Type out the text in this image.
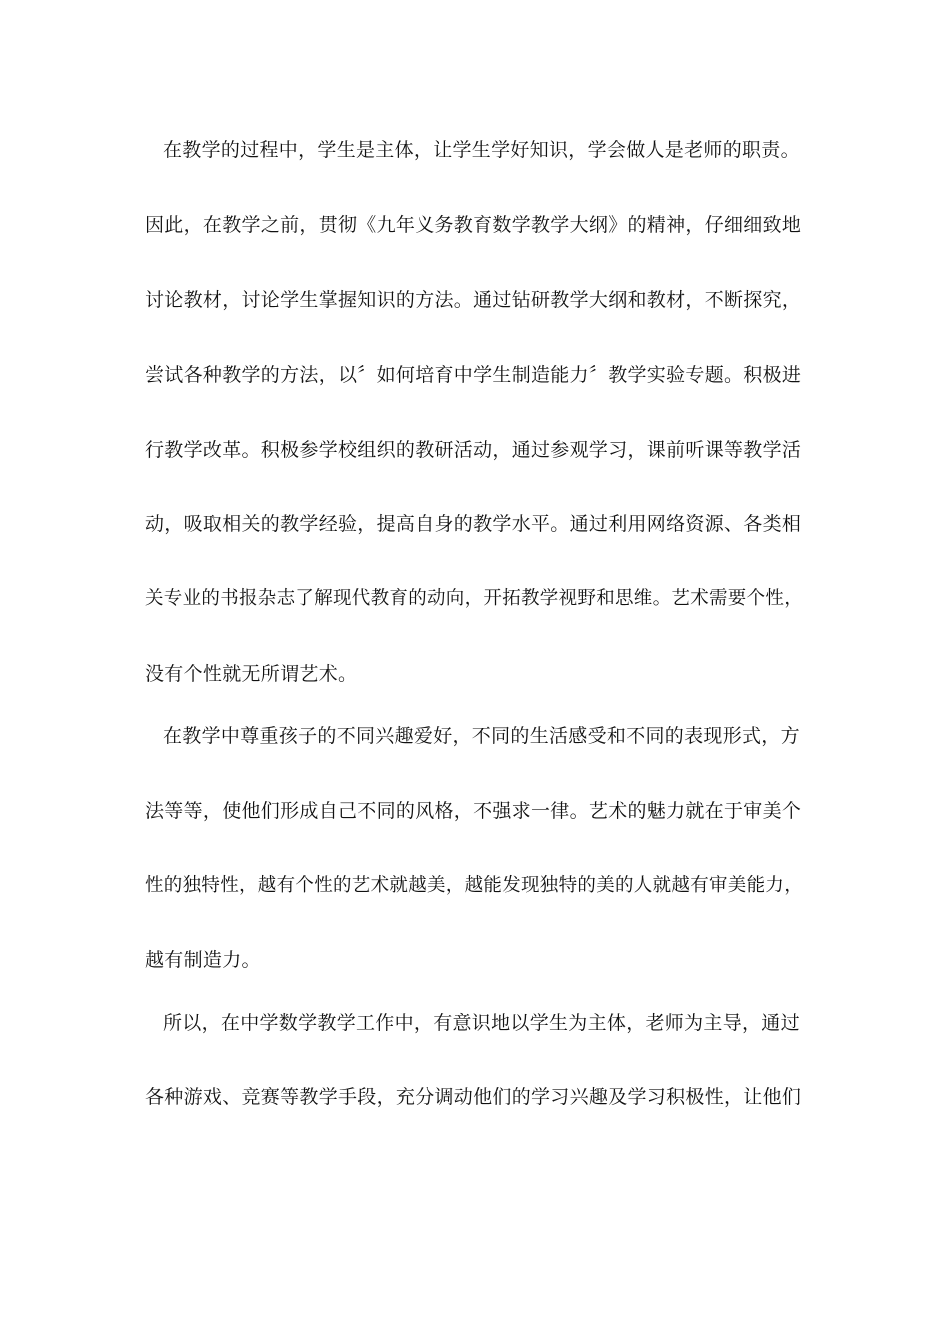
在教学的过程中，学生是主体，让学生学好知识，学会做人是老师的职责。
因此，在教学之前，贯彻《九年义务教育数学教学大纲》的精神，仔细细致地
讨论教材，讨论学生掌握知识的方法。通过钻研教学大纲和教材，不断探究，
尝试各种教学的方法，以〞如何培育中学生制造能力〞教学实验专题。积极进
行教学改革。积极参学校组织的教研活动，通过参观学习，课前听课等教学活
动，吸取相关的教学经验，提高自身的教学水平。通过利用网络资源、各类相
关专业的书报杂志了解现代教育的动向，开拓教学视野和思维。艺术需要个性，
没有个性就无所谓艺术。
在教学中尊重孩子的不同兴趣爱好，不同的生活感受和不同的表现形式，方
法等等，使他们形成自己不同的风格，不强求一律。艺术的魅力就在于审美个
性的独特性，越有个性的艺术就越美，越能发现独特的美的人就越有审美能力，
越有制造力。
所以，在中学数学教学工作中，有意识地以学生为主体，老师为主导，通过
各种游戏、竞赛等教学手段，充分调动他们的学习兴趣及学习积极性，让他们
